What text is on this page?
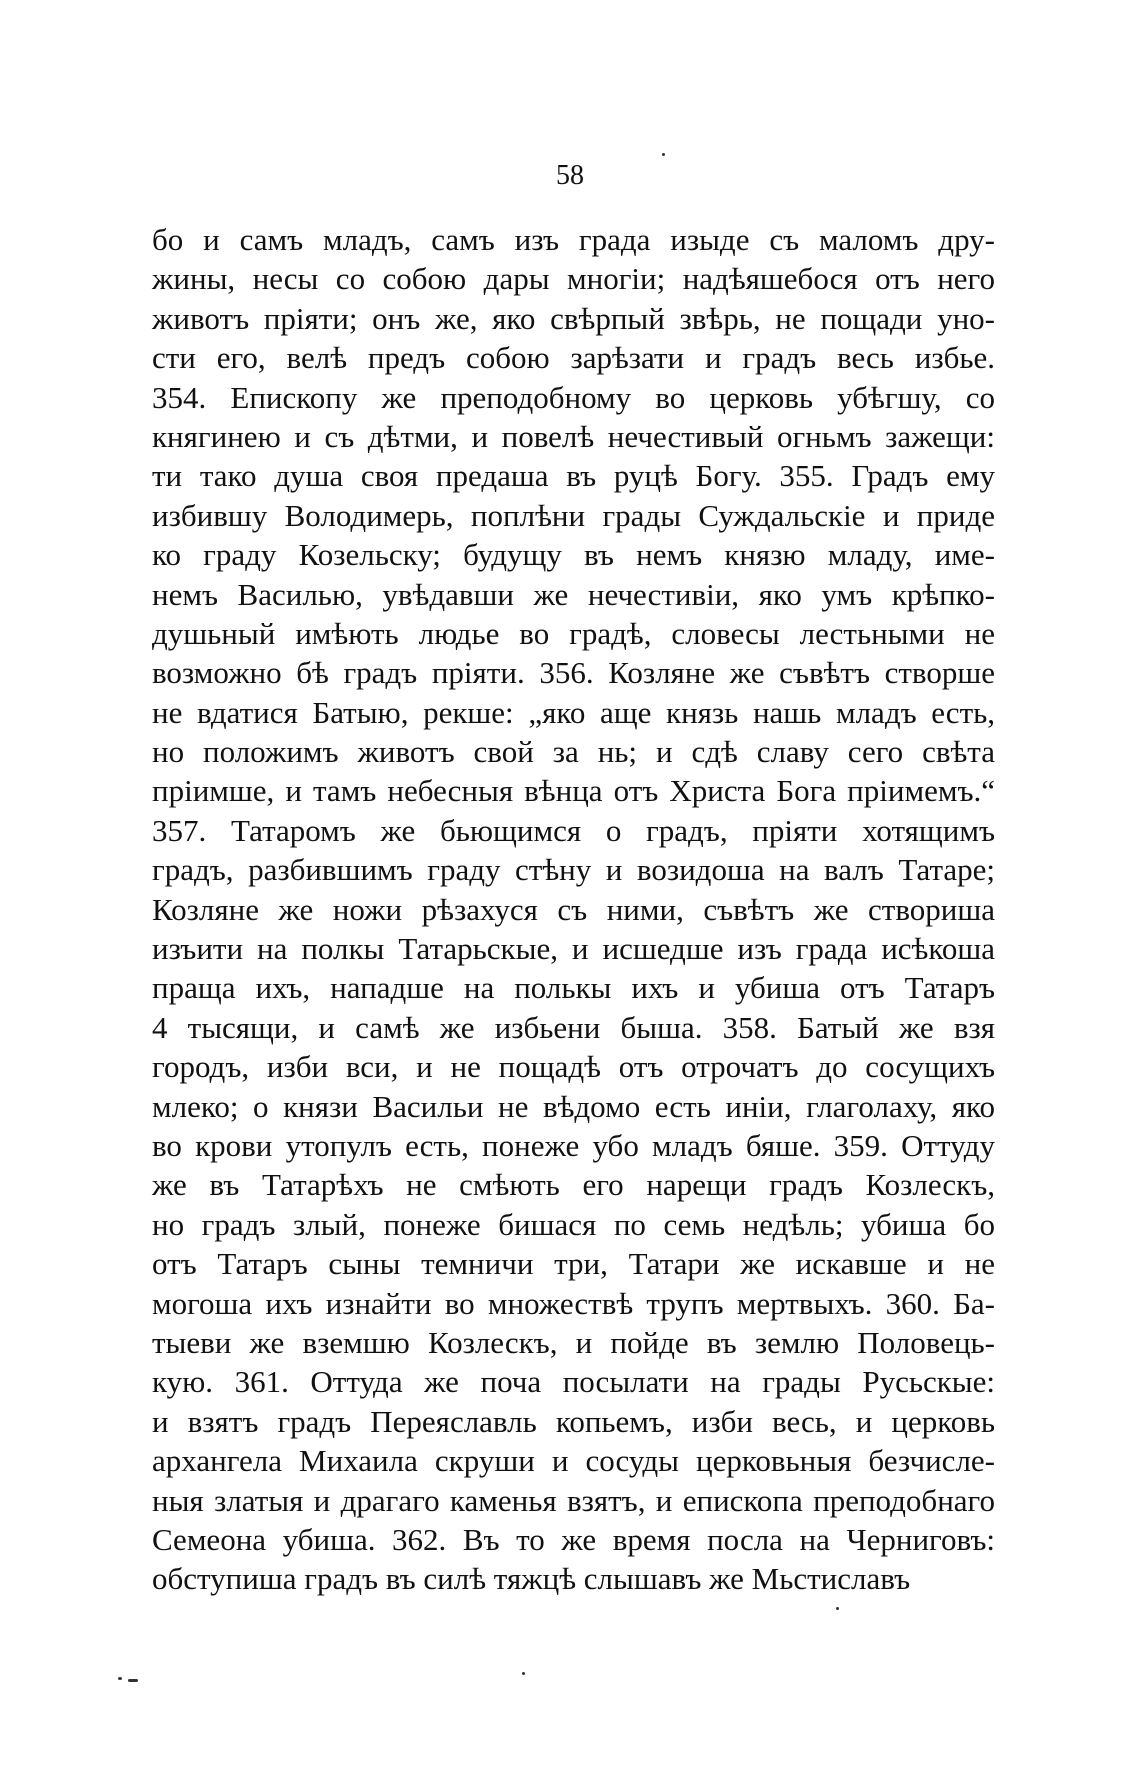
58
бо и самъ младъ, самъ изъ града изыде съ маломъ дру-
жины, несы со собою дары многiи; надѣяшебося отъ него
животъ прiяти; онъ же, яко свѣрпый звѣрь, не пощади уно-
сти его, велѣ предъ собою зарѣзати и градъ весь избье.
354. Епископу же преподобному во церковь убѣгшу, со
княгинею и съ дѣтми, и повелѣ нечестивый огньмъ зажещи:
ти тако душа своя предаша въ руцѣ Богу. 355. Градъ ему
избившу Володимерь, поплѣни грады Суждальскiе и приде
ко граду Козельску; будущу въ немъ князю младу, име-
немъ Василью, увѣдавши же нечестивiи, яко умъ крѣпко-
душьный имѣють людье во градѣ, словесы лестьными не
возможно бѣ градъ прiяти. 356. Козляне же съвѣтъ створше
не вдатися Батыю, рекше: „яко аще князь нашь младъ есть,
но положимъ животъ свой за нь; и сдѣ славу сего свѣта
прiимше, и тамъ небесныя вѣнца отъ Христа Бога прiимемъ.“
357. Татаромъ же бьющимся о градъ, прiяти хотящимъ
градъ, разбившимъ граду стѣну и возидоша на валъ Татаре;
Козляне же ножи рѣзахуся съ ними, съвѣтъ же створиша
изъити на полкы Татарьскые, и исшедше изъ града исѣкоша
праща ихъ, нападше на полькы ихъ и убиша отъ Татаръ
4 тысящи, и самѣ же избьени быша. 358. Батый же взя
городъ, изби вси, и не пощадѣ отъ отрочатъ до сосущихъ
млеко; о князи Васильи не вѣдомо есть инiи, глаголаху, яко
во крови утопулъ есть, понеже убо младъ бяше. 359. Оттуду
же въ Татарѣхъ не смѣють его нарещи градъ Козлескъ,
но градъ злый, понеже бишася по семь недѣль; убиша бо
отъ Татаръ сыны темничи три, Татари же искавше и не
могоша ихъ изнайти во множествѣ трупъ мертвыхъ. 360. Ба-
тыеви же вземшю Козлескъ, и пойде въ землю Половець-
кую. 361. Оттуда же поча посылати на грады Русьскые:
и взятъ градъ Переяславль копьемъ, изби весь, и церковь
архангела Михаила скруши и сосуды церковьныя безчисле-
ныя златыя и драгаго каменья взятъ, и епископа преподобнаго
Семеона убиша. 362. Въ то же время посла на Черниговъ:
обступиша градъ въ силѣ тяжцѣ слышавъ же Мьстиславъ
